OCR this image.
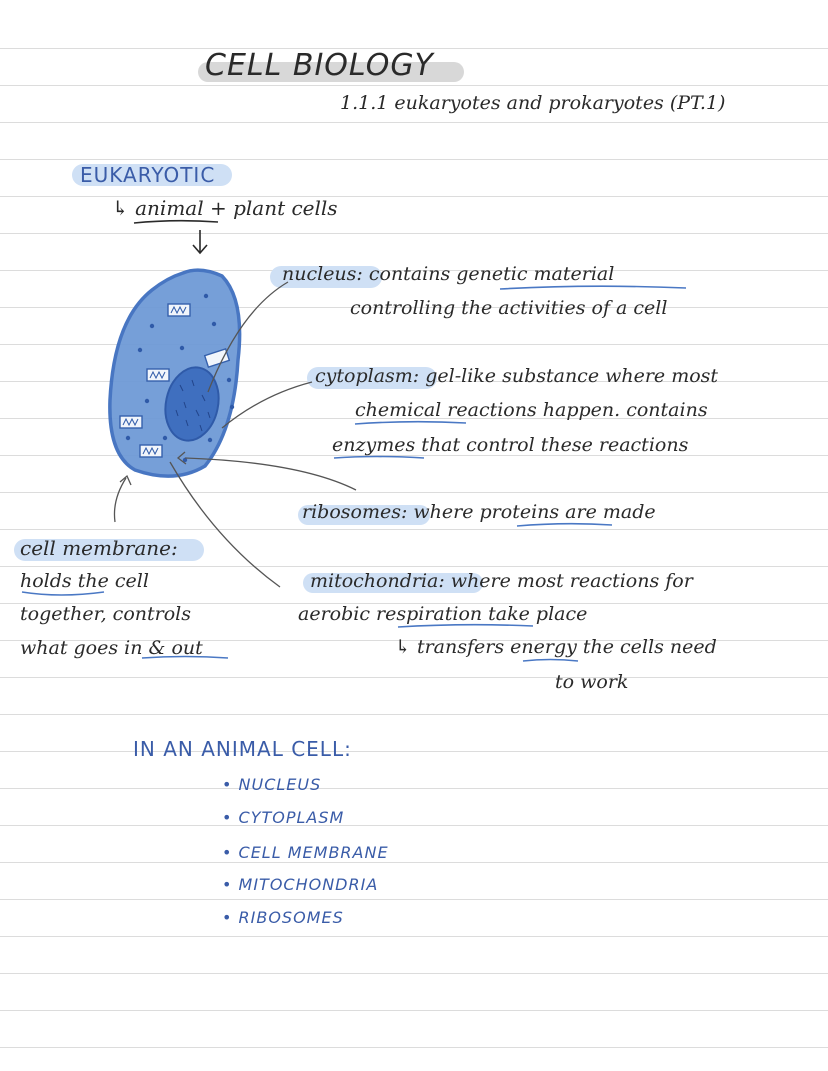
CELL BIOLOGY
1.1.1 eukaryotes and prokaryotes (PT.1)
EUKARYOTIC
↳ animal + plant cells
nucleus: contains genetic material
controlling the activities of a cell
cytoplasm: gel-like substance where most
chemical reactions happen. contains
enzymes that control these reactions
ribosomes: where proteins are made
cell membrane:
holds the cell
together, controls
what goes in & out
mitochondria: where most reactions for
aerobic respiration take place
↳ transfers energy the cells need
to work
IN AN ANIMAL CELL:
• NUCLEUS
• CYTOPLASM
• CELL MEMBRANE
• MITOCHONDRIA
• RIBOSOMES
